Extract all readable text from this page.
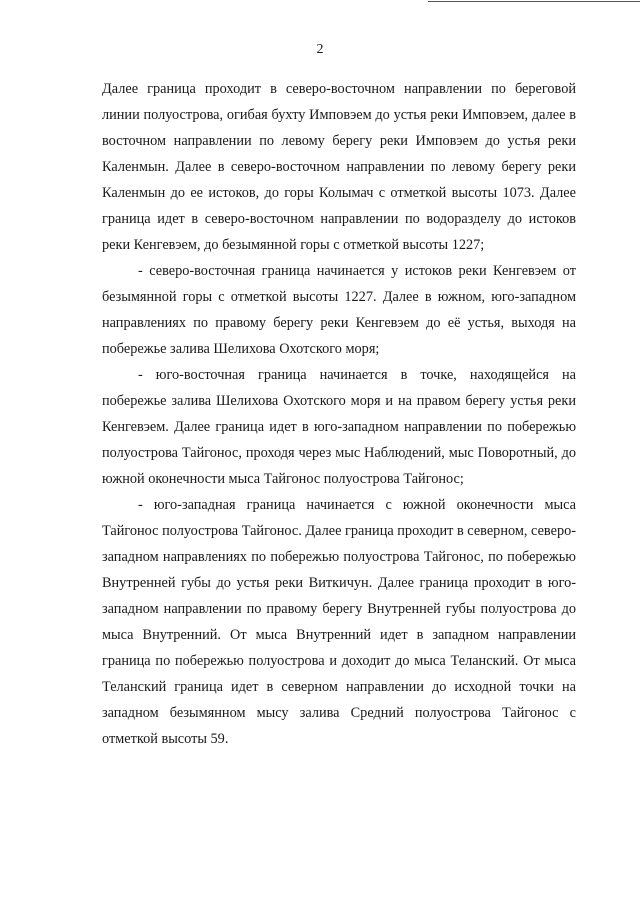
2

Далее граница проходит в северо-восточном направлении по береговой линии полуострова, огибая бухту Имповэем до устья реки Имповэем, далее в восточном направлении по левому берегу реки Имповэем до устья реки Каленмын. Далее в северо-восточном направлении по левому берегу реки Каленмын до ее истоков, до горы Колымач с отметкой высоты 1073. Далее граница идет в северо-восточном направлении по водоразделу до истоков реки Кенгевэем, до безымянной горы с отметкой высоты 1227;

- северо-восточная граница начинается у истоков реки Кенгевэем от безымянной горы с отметкой высоты 1227. Далее в южном, юго-западном направлениях по правому берегу реки Кенгевэем до её устья, выходя на побережье залива Шелихова Охотского моря;

- юго-восточная граница начинается в точке, находящейся на побережье залива Шелихова Охотского моря и на правом берегу устья реки Кенгевэем. Далее граница идет в юго-западном направлении по побережью полуострова Тайгонос, проходя через мыс Наблюдений, мыс Поворотный, до южной оконечности мыса Тайгонос полуострова Тайгонос;

- юго-западная граница начинается с южной оконечности мыса Тайгонос полуострова Тайгонос. Далее граница проходит в северном, северо-западном направлениях по побережью полуострова Тайгонос, по побережью Внутренней губы до устья реки Виткичун. Далее граница проходит в юго-западном направлении по правому берегу Внутренней губы полуострова до мыса Внутренний. От мыса Внутренний идет в западном направлении граница по побережью полуострова и доходит до мыса Теланский. От мыса Теланский граница идет в северном направлении до исходной точки на западном безымянном мысу залива Средний полуострова Тайгонос с отметкой высоты 59.
